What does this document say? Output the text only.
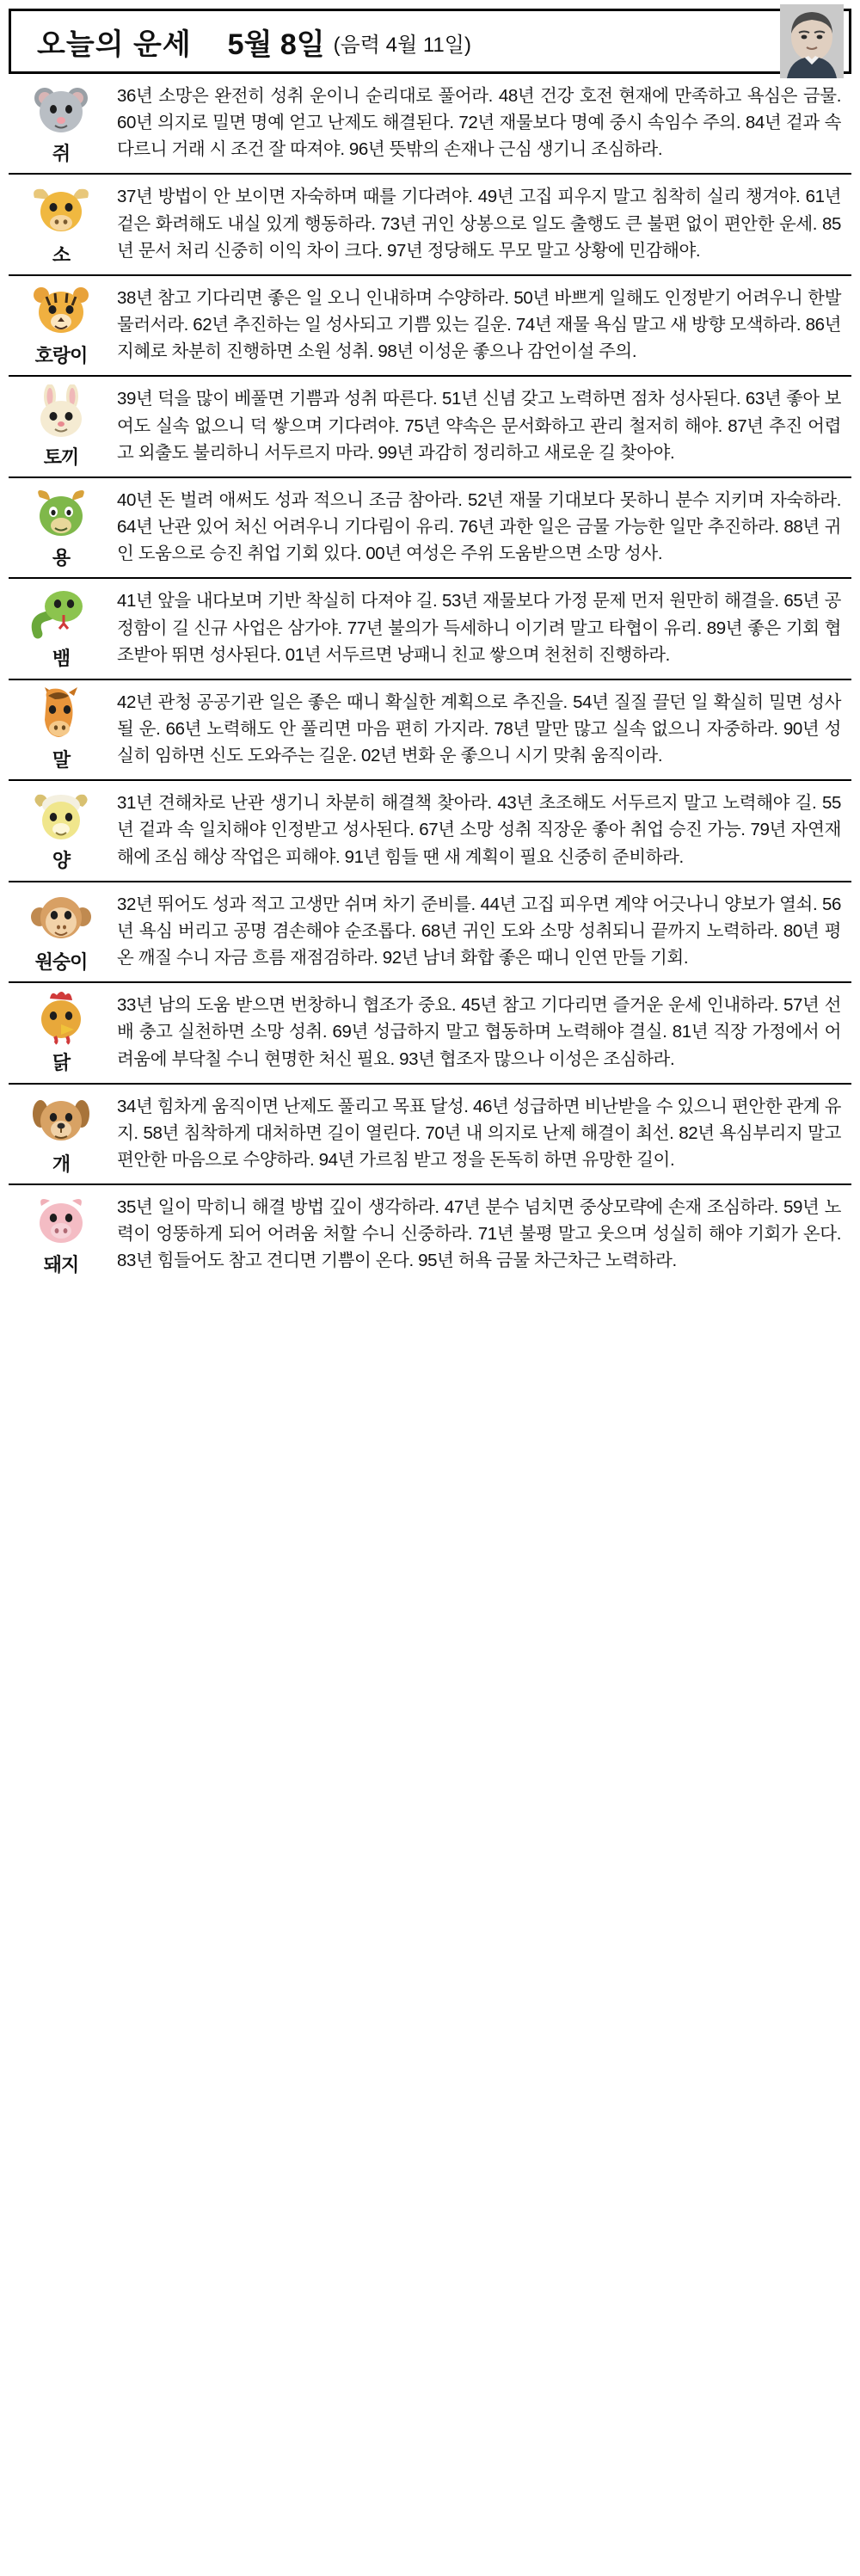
오늘의 운세 5월 8일 (음력 4월 11일)
쥐	36년 소망은 완전히 성취 운이니 순리대로 풀어라. 48년 건강 호전 현재에 만족하고 욕심은 금물. 60년 의지로 밀면 명예 얻고 난제도 해결된다. 72년 재물보다 명예 중시 속임수 주의. 84년 겉과 속 다르니 거래 시 조건 잘 따져야. 96년 뜻밖의 손재나 근심 생기니 조심하라.

소	37년 방법이 안 보이면 자숙하며 때를 기다려야. 49년 고집 피우지 말고 침착히 실리 챙겨야. 61년 겉은 화려해도 내실 있게 행동하라. 73년 귀인 상봉으로 일도 출행도 큰 불편 없이 편안한 운세. 85년 문서 처리 신중히 이익 차이 크다. 97년 정당해도 무모 말고 상황에 민감해야.

호랑이	38년 참고 기다리면 좋은 일 오니 인내하며 수양하라. 50년 바쁘게 일해도 인정받기 어려우니 한발 물러서라. 62년 추진하는 일 성사되고 기쁨 있는 길운. 74년 재물 욕심 말고 새 방향 모색하라. 86년 지혜로 차분히 진행하면 소원 성취. 98년 이성운 좋으나 감언이설 주의.

토끼	39년 덕을 많이 베풀면 기쁨과 성취 따른다. 51년 신념 갖고 노력하면 점차 성사된다. 63년 좋아 보여도 실속 없으니 덕 쌓으며 기다려야. 75년 약속은 문서화하고 관리 철저히 해야. 87년 추진 어렵고 외출도 불리하니 서두르지 마라. 99년 과감히 정리하고 새로운 길 찾아야.

용	40년 돈 벌려 애써도 성과 적으니 조금 참아라. 52년 재물 기대보다 못하니 분수 지키며 자숙하라. 64년 난관 있어 처신 어려우니 기다림이 유리. 76년 과한 일은 금물 가능한 일만 추진하라. 88년 귀인 도움으로 승진 취업 기회 있다. 00년 여성은 주위 도움받으면 소망 성사.

뱀	41년 앞을 내다보며 기반 착실히 다져야 길. 53년 재물보다 가정 문제 먼저 원만히 해결을. 65년 공정함이 길 신규 사업은 삼가야. 77년 불의가 득세하니 이기려 말고 타협이 유리. 89년 좋은 기회 협조받아 뛰면 성사된다. 01년 서두르면 낭패니 친교 쌓으며 천천히 진행하라.

말	42년 관청 공공기관 일은 좋은 때니 확실한 계획으로 추진을. 54년 질질 끌던 일 확실히 밀면 성사될 운. 66년 노력해도 안 풀리면 마음 편히 가지라. 78년 말만 많고 실속 없으니 자중하라. 90년 성실히 임하면 신도 도와주는 길운. 02년 변화 운 좋으니 시기 맞춰 움직이라.

양	31년 견해차로 난관 생기니 차분히 해결책 찾아라. 43년 초조해도 서두르지 말고 노력해야 길. 55년 겉과 속 일치해야 인정받고 성사된다. 67년 소망 성취 직장운 좋아 취업 승진 가능. 79년 자연재해에 조심 해상 작업은 피해야. 91년 힘들 땐 새 계획이 필요 신중히 준비하라.

원숭이	32년 뛰어도 성과 적고 고생만 쉬며 차기 준비를. 44년 고집 피우면 계약 어긋나니 양보가 열쇠. 56년 욕심 버리고 공명 겸손해야 순조롭다. 68년 귀인 도와 소망 성취되니 끝까지 노력하라. 80년 평온 깨질 수니 자금 흐름 재점검하라. 92년 남녀 화합 좋은 때니 인연 만들 기회.

닭	33년 남의 도움 받으면 번창하니 협조가 중요. 45년 참고 기다리면 즐거운 운세 인내하라. 57년 선배 충고 실천하면 소망 성취. 69년 성급하지 말고 협동하며 노력해야 결실. 81년 직장 가정에서 어려움에 부닥칠 수니 현명한 처신 필요. 93년 협조자 많으나 이성은 조심하라.

개	34년 힘차게 움직이면 난제도 풀리고 목표 달성. 46년 성급하면 비난받을 수 있으니 편안한 관계 유지. 58년 침착하게 대처하면 길이 열린다. 70년 내 의지로 난제 해결이 최선. 82년 욕심부리지 말고 편안한 마음으로 수양하라. 94년 가르침 받고 정을 돈독히 하면 유망한 길이.

돼지	35년 일이 막히니 해결 방법 깊이 생각하라. 47년 분수 넘치면 중상모략에 손재 조심하라. 59년 노력이 엉뚱하게 되어 어려움 처할 수니 신중하라. 71년 불평 말고 웃으며 성실히 해야 기회가 온다. 83년 힘들어도 참고 견디면 기쁨이 온다. 95년 허욕 금물 차근차근 노력하라.
